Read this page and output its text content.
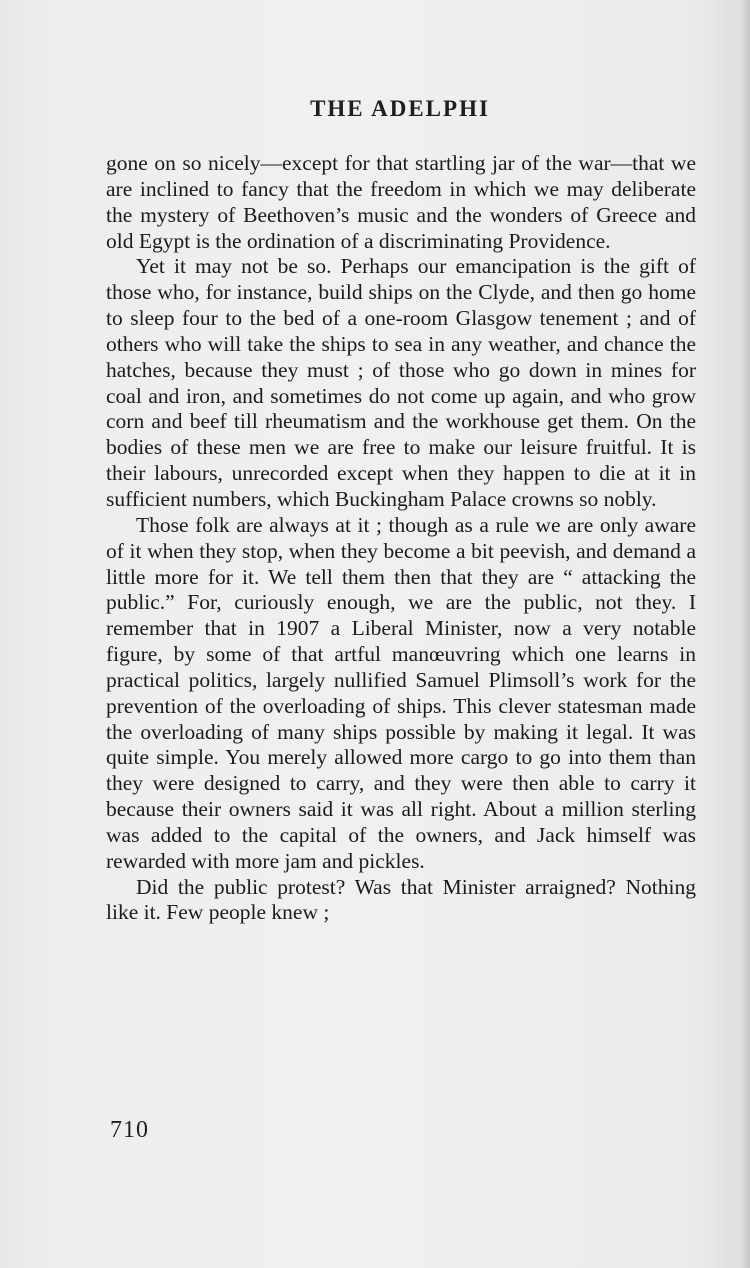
THE ADELPHI

gone on so nicely—except for that startling jar of the war—that we are inclined to fancy that the freedom in which we may deliberate the mystery of Beethoven’s music and the wonders of Greece and old Egypt is the ordination of a discriminating Providence.

Yet it may not be so. Perhaps our emancipation is the gift of those who, for instance, build ships on the Clyde, and then go home to sleep four to the bed of a one-room Glasgow tenement ; and of others who will take the ships to sea in any weather, and chance the hatches, because they must ; of those who go down in mines for coal and iron, and sometimes do not come up again, and who grow corn and beef till rheumatism and the workhouse get them. On the bodies of these men we are free to make our leisure fruitful. It is their labours, unrecorded except when they happen to die at it in sufficient numbers, which Buckingham Palace crowns so nobly.

Those folk are always at it ; though as a rule we are only aware of it when they stop, when they become a bit peevish, and demand a little more for it. We tell them then that they are “ attacking the public.” For, curiously enough, we are the public, not they. I remember that in 1907 a Liberal Minister, now a very notable figure, by some of that artful manœuvring which one learns in practical politics, largely nullified Samuel Plimsoll’s work for the prevention of the overloading of ships. This clever statesman made the overloading of many ships possible by making it legal. It was quite simple. You merely allowed more cargo to go into them than they were designed to carry, and they were then able to carry it because their owners said it was all right. About a million sterling was added to the capital of the owners, and Jack himself was rewarded with more jam and pickles.

Did the public protest? Was that Minister arraigned? Nothing like it. Few people knew ;

710
